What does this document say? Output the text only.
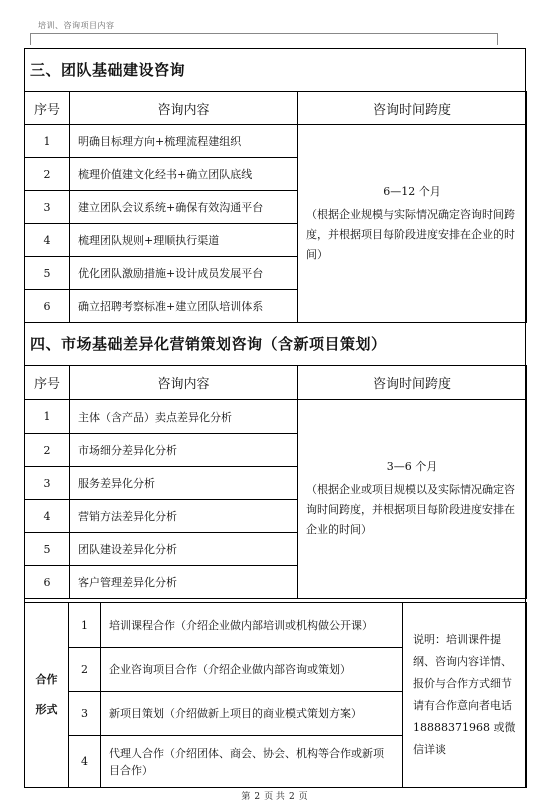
培训、咨询项目内容
三、团队基础建设咨询
序号	咨询内容	咨询时间跨度
1	明确目标理方向+梳理流程建组织	6—12 个月
（根据企业规模与实际情况确定咨询时间跨度，并根据项目每阶段进度安排在企业的时间）
2	梳理价值建文化经书+确立团队底线	
3	建立团队会议系统+确保有效沟通平台	
4	梳理团队规则+理顺执行渠道	
5	优化团队激励措施+设计成员发展平台	
6	确立招聘考察标准+建立团队培训体系	
四、市场基础差异化营销策划咨询（含新项目策划）
序号	咨询内容	咨询时间跨度
1	主体（含产品）卖点差异化分析	3—6 个月
（根据企业或项目规模以及实际情况确定咨询时间跨度，并根据项目每阶段进度安排在企业的时间）
2	市场细分差异化分析	
3	服务差异化分析	
4	营销方法差异化分析	
5	团队建设差异化分析	
6	客户管理差异化分析	
合作
形式	1	培训课程合作（介绍企业做内部培训或机构做公开课）	说明：培训课件提纲、咨询内容详情、报价与合作方式细节请有合作意向者电话 18888371968 或微信详谈
	2	企业咨询项目合作（介绍企业做内部咨询或策划）	
	3	新项目策划（介绍做新上项目的商业模式策划方案）	
	4	代理人合作（介绍团体、商会、协会、机构等合作或新项目合作）	
第 2 页 共 2 页
